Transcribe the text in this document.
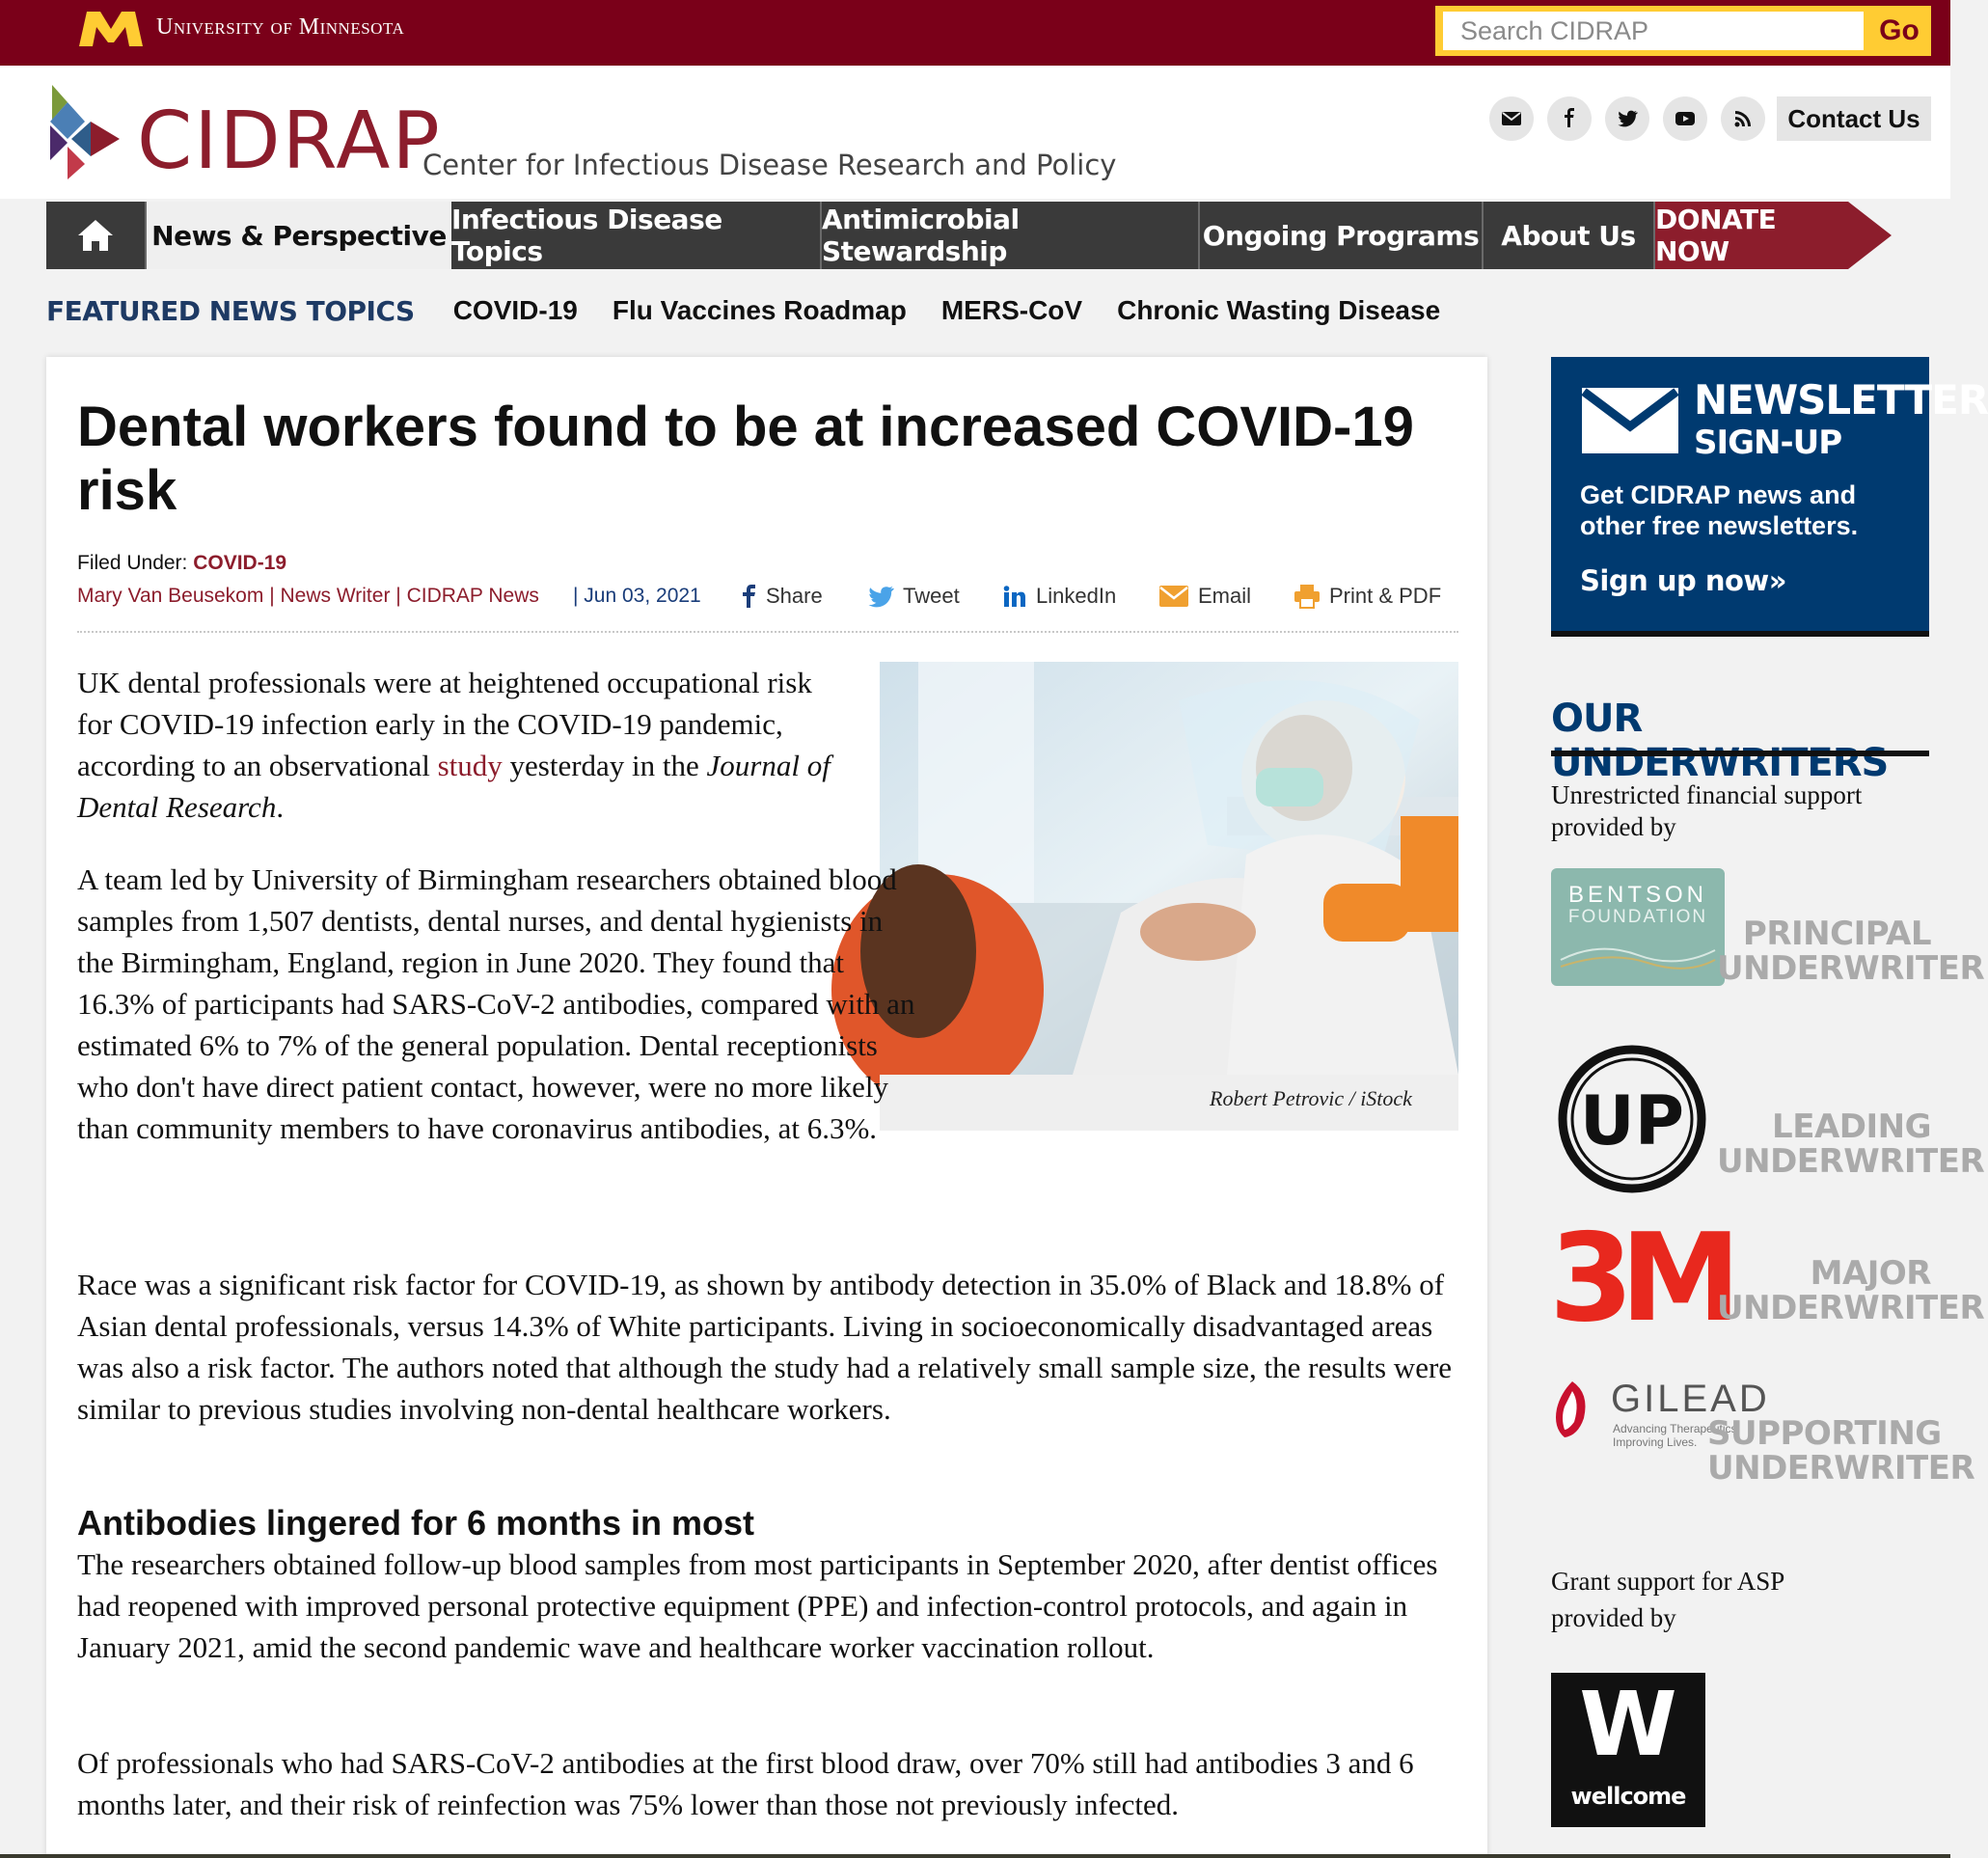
University of Minnesota
Search CIDRAP	Go
CIDRAP
Center for Infectious Disease Research and Policy
Contact Us
News & Perspective Infectious Disease Topics
Antimicrobial Stewardship	Ongoing Programs About Us DONATE NOW
FEATURED NEWS TOPICS COVID-19 Flu Vaccines Roadmap MERS-CoV Chronic Wasting Disease
Dental workers found to be at increased COVID-19 risk
Filed Under: COVID-19
Mary Van Beusekom | News Writer | CIDRAP News | Jun 03, 2021	Share	Tweet	LinkedIn	Email	Print & PDF
Robert Petrovic / iStock
UK dental professionals were at heightened occupational risk for COVID-19 infection early in the COVID-19 pandemic, according to an observational study yesterday in the Journal of Dental Research.
A team led by University of Birmingham researchers obtained blood samples from 1,507 dentists, dental nurses, and dental hygienists in the Birmingham, England, region in June 2020. They found that 16.3% of participants had SARS-CoV-2 antibodies, compared with an estimated 6% to 7% of the general population. Dental receptionists who don't have direct patient contact, however, were no more likely than community members to have coronavirus antibodies, at 6.3%.
Race was a significant risk factor for COVID-19, as shown by antibody detection in 35.0% of Black and 18.8% of Asian dental professionals, versus 14.3% of White participants. Living in socioeconomically disadvantaged areas was also a risk factor. The authors noted that although the study had a relatively small sample size, the results were similar to previous studies involving non-dental healthcare workers.
Antibodies lingered for 6 months in most
The researchers obtained follow-up blood samples from most participants in September 2020, after dentist offices had reopened with improved personal protective equipment (PPE) and infection-control protocols, and again in January 2021, amid the second pandemic wave and healthcare worker vaccination rollout.
Of professionals who had SARS-CoV-2 antibodies at the first blood draw, over 70% still had antibodies 3 and 6 months later, and their risk of reinfection was 75% lower than those not previously infected.
NEWSLETTER
SIGN-UP
Get CIDRAP news and other free newsletters.
Sign up now»
OUR UNDERWRITERS
Unrestricted financial support provided by
BENTSON
FOUNDATION	PRINCIPAL
UNDERWRITER
UP	LEADING
UNDERWRITER
3M	MAJOR
UNDERWRITER
GILEAD
Advancing Therapeutics.
Improving Lives. SUPPORTING
UNDERWRITER
Grant support for ASP provided by
W
wellcome
